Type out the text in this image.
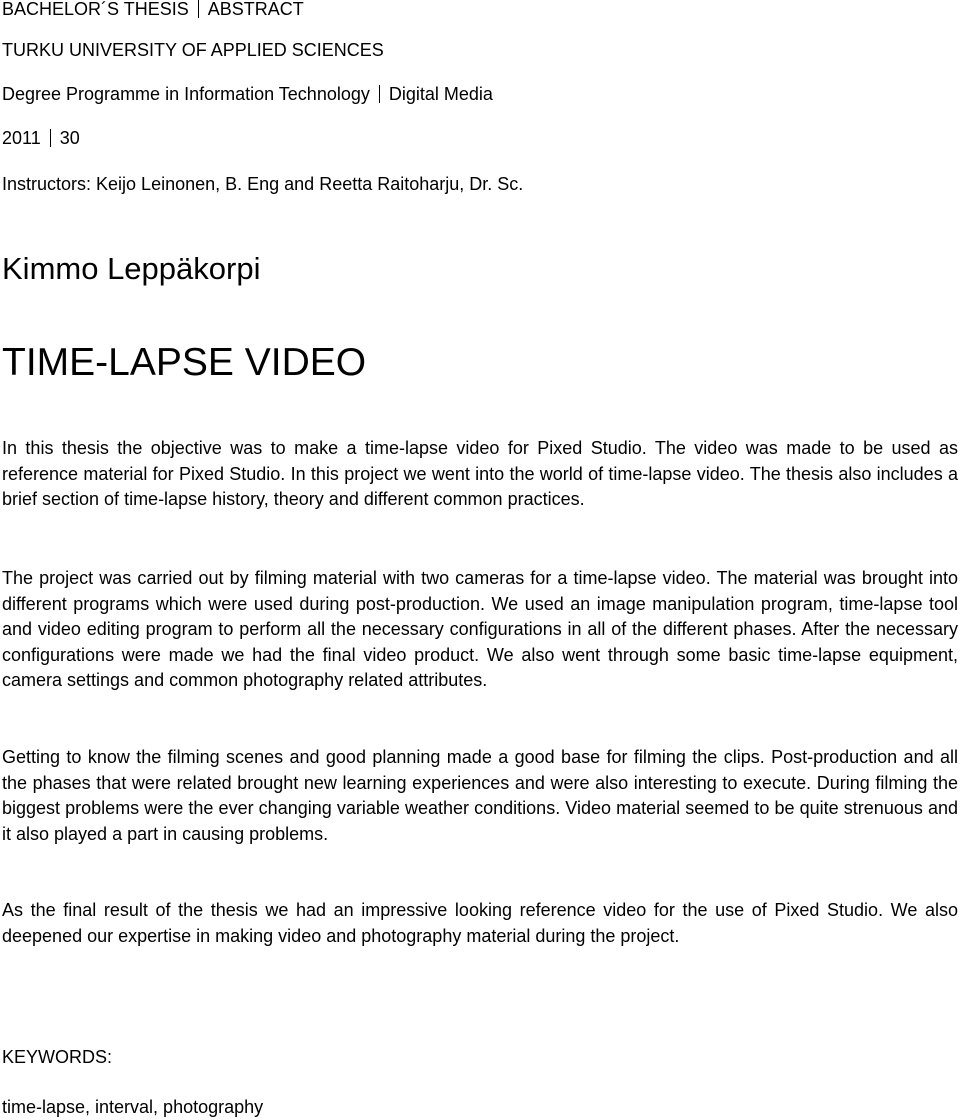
BACHELOR´S THESIS ABSTRACT
TURKU UNIVERSITY OF APPLIED SCIENCES
Degree Programme in Information Technology Digital Media
2011 30
Instructors: Keijo Leinonen, B. Eng and Reetta Raitoharju, Dr. Sc.
Kimmo Leppäkorpi
TIME-LAPSE VIDEO

In this thesis the objective was to make a time-lapse video for Pixed Studio. The video was made to be used as reference material for Pixed Studio. In this project we went into the world of time-lapse video. The thesis also includes a brief section of time-lapse history, theory and different common practices.

The project was carried out by filming material with two cameras for a time-lapse video. The material was brought into different programs which were used during post-production. We used an image manipulation program, time-lapse tool and video editing program to perform all the necessary configurations in all of the different phases. After the necessary configurations were made we had the final video product. We also went through some basic time-lapse equipment, camera settings and common photography related attributes.

Getting to know the filming scenes and good planning made a good base for filming the clips. Post-production and all the phases that were related brought new learning experiences and were also interesting to execute. During filming the biggest problems were the ever changing variable weather conditions. Video material seemed to be quite strenuous and it also played a part in causing problems.

As the final result of the thesis we had an impressive looking reference video for the use of Pixed Studio. We also deepened our expertise in making video and photography material during the project.

KEYWORDS:
time-lapse, interval, photography
